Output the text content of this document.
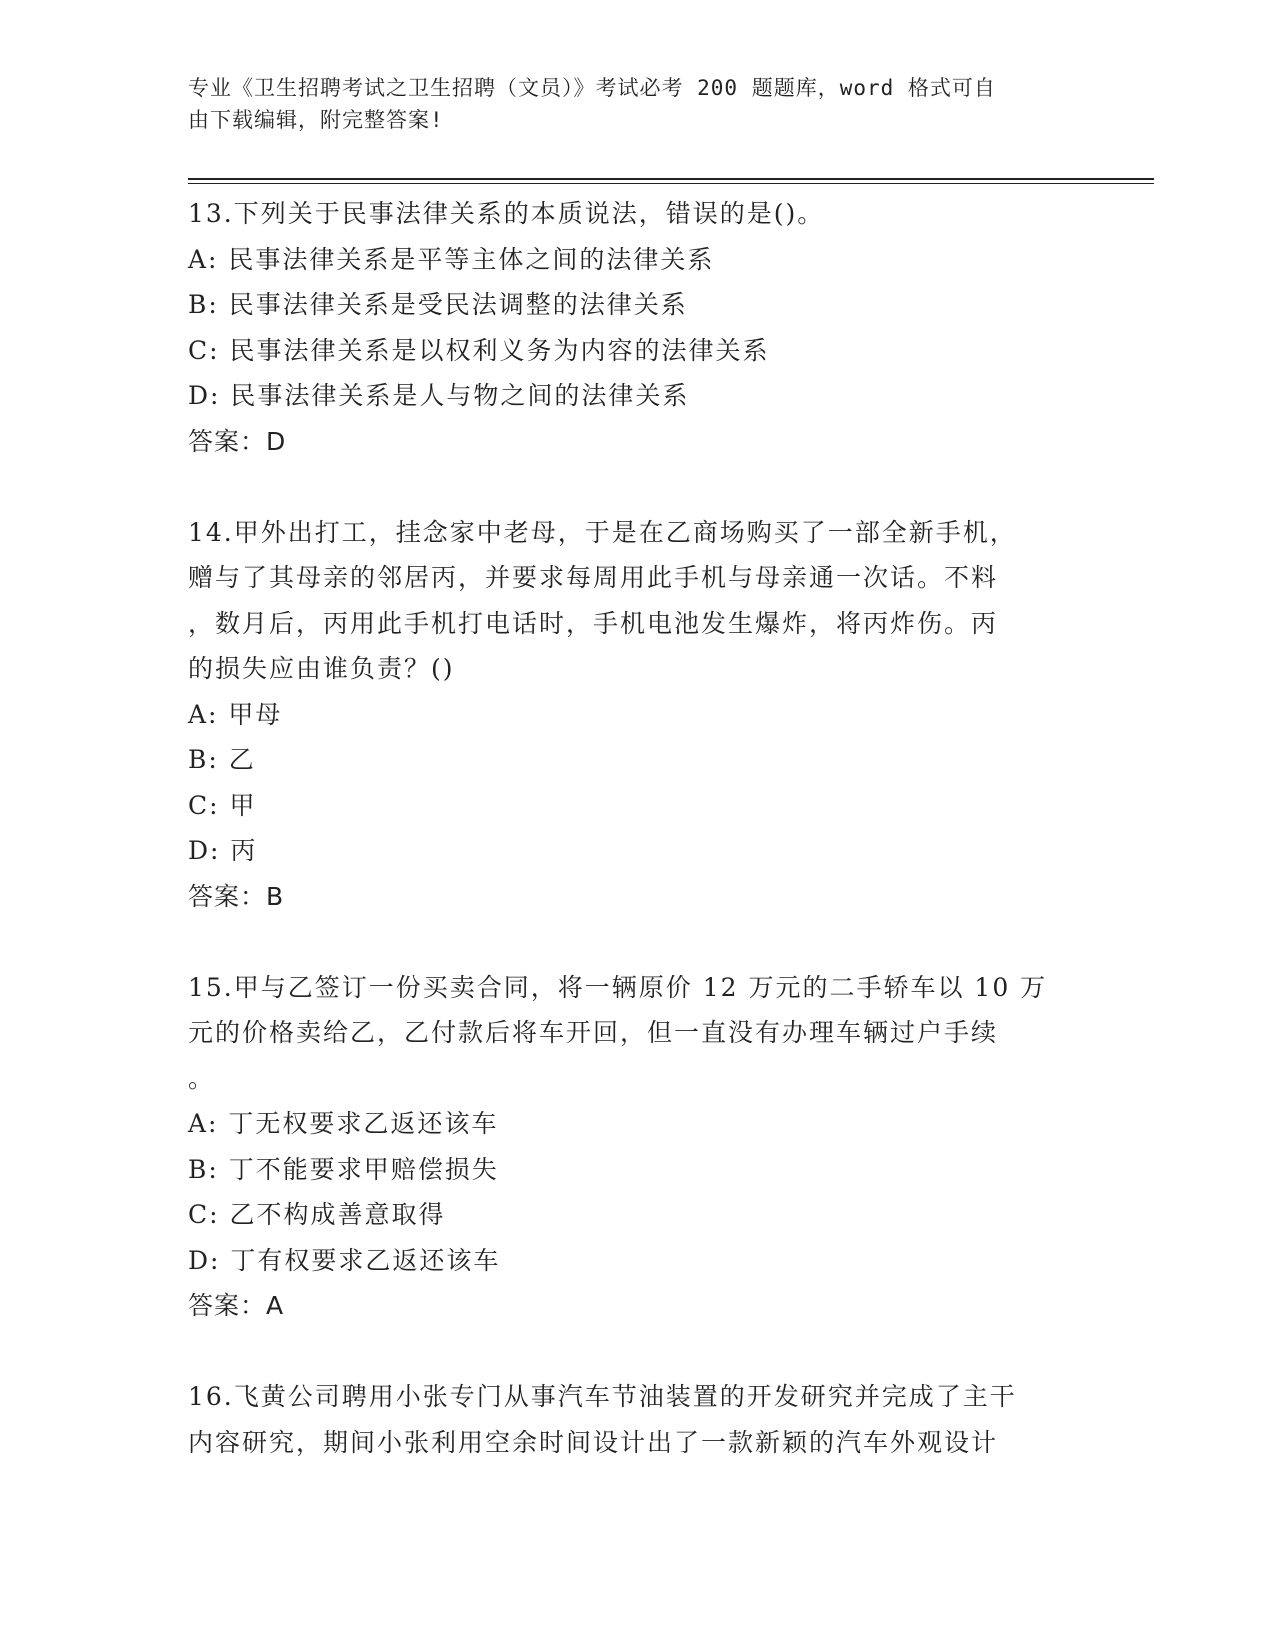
专业《卫生招聘考试之卫生招聘（文员）》考试必考 200 题题库，word 格式可自
由下载编辑，附完整答案!
13.下列关于民事法律关系的本质说法，错误的是()。
A: 民事法律关系是平等主体之间的法律关系
B: 民事法律关系是受民法调整的法律关系
C: 民事法律关系是以权利义务为内容的法律关系
D: 民事法律关系是人与物之间的法律关系
答案：D
14.甲外出打工，挂念家中老母，于是在乙商场购买了一部全新手机，
赠与了其母亲的邻居丙，并要求每周用此手机与母亲通一次话。不料
，数月后，丙用此手机打电话时，手机电池发生爆炸，将丙炸伤。丙
的损失应由谁负责？()
A: 甲母
B: 乙
C: 甲
D: 丙
答案：B
15.甲与乙签订一份买卖合同，将一辆原价 12 万元的二手轿车以 10 万
元的价格卖给乙，乙付款后将车开回，但一直没有办理车辆过户手续
。
A: 丁无权要求乙返还该车
B: 丁不能要求甲赔偿损失
C: 乙不构成善意取得
D: 丁有权要求乙返还该车
答案：A
16.飞黄公司聘用小张专门从事汽车节油装置的开发研究并完成了主干
内容研究，期间小张利用空余时间设计出了一款新颖的汽车外观设计
